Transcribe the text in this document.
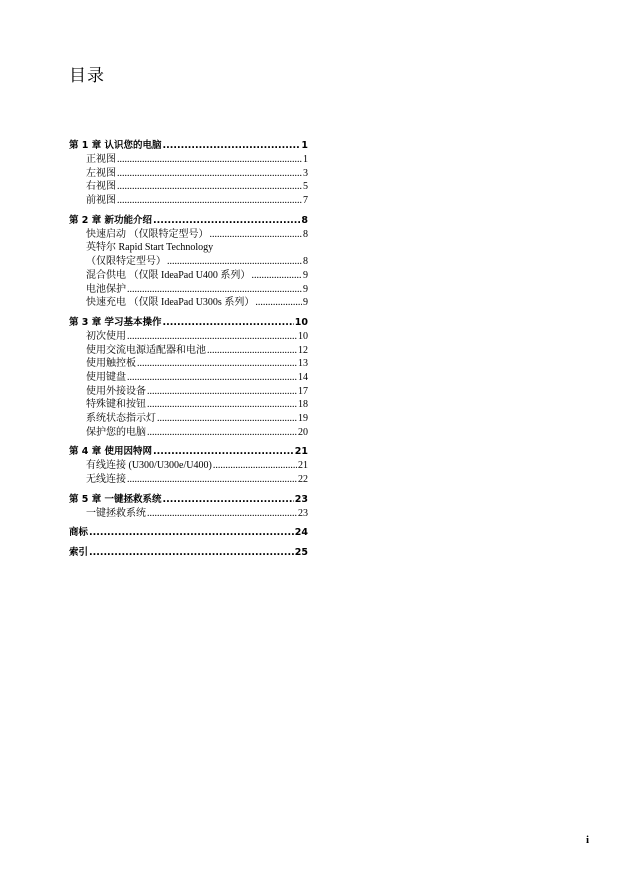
目录
第 1 章 认识您的电脑 .....	1
正视图 .....	1
左视图 .....	3
右视图 .....	5
前视图 .....	7
第 2 章 新功能介绍 .....	8
快速启动 （仅限特定型号） .....	8
英特尔 Rapid Start Technology
（仅限特定型号） .....	8
混合供电 （仅限 IdeaPad U400 系列） .....	9
电池保护 .....	9
快速充电 （仅限 IdeaPad U300s 系列） .....	9
第 3 章 学习基本操作 .....	10
初次使用 .....	10
使用交流电源适配器和电池 .....	12
使用触控板 .....	13
使用键盘 .....	14
使用外接设备 .....	17
特殊键和按钮 .....	18
系统状态指示灯 .....	19
保护您的电脑 .....	20
第 4 章 使用因特网 .....	21
有线连接 (U300/U300e/U400) .....	21
无线连接 .....	22
第 5 章 一键拯救系统 .....	23
一键拯救系统 .....	23
商标 .....	24
索引 .....	25
i
